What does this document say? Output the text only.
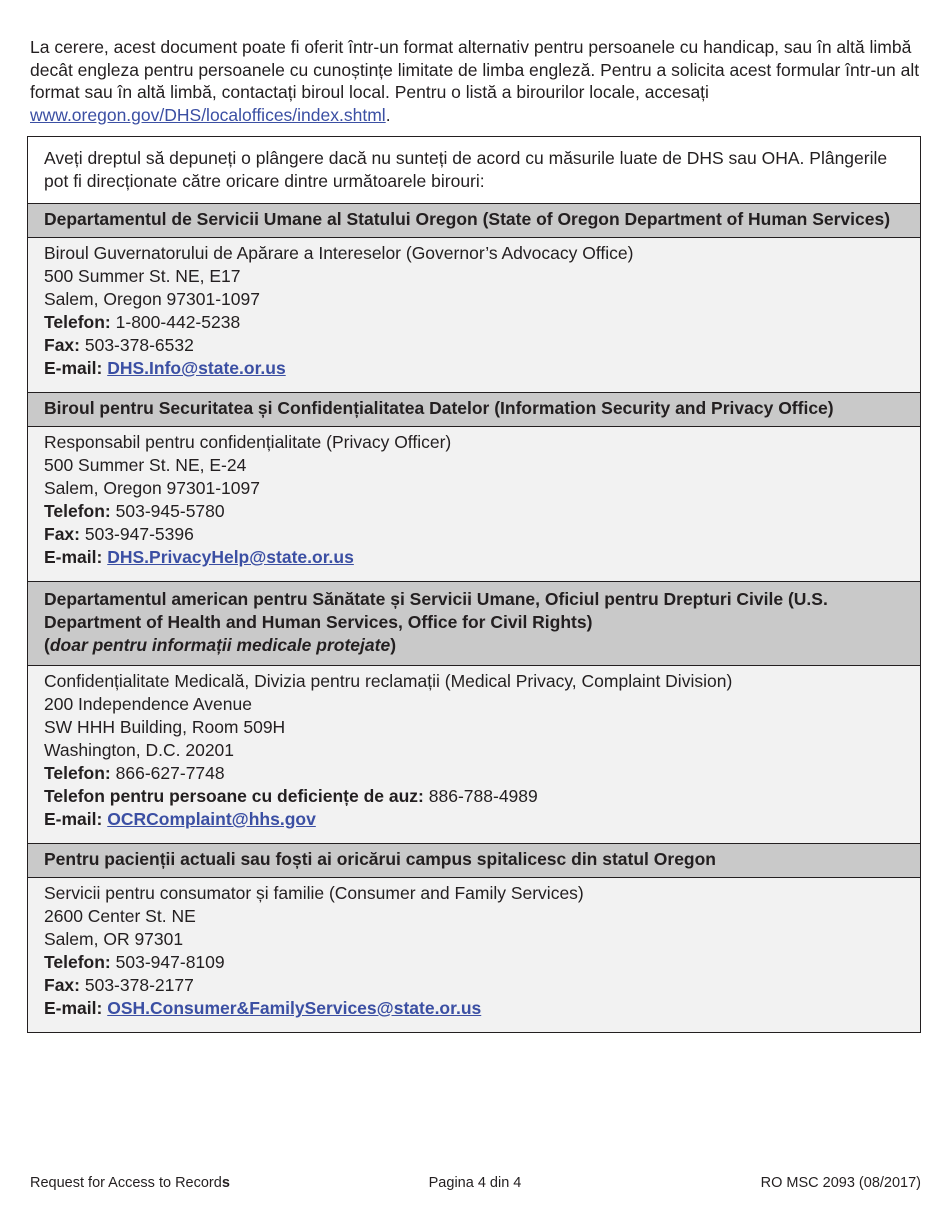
La cerere, acest document poate fi oferit într-un format alternativ pentru persoanele cu handicap, sau în altă limbă decât engleza pentru persoanele cu cunoștințe limitate de limba engleză. Pentru a solicita acest formular într-un alt format sau în altă limbă, contactați biroul local. Pentru o listă a birourilor locale, accesați www.oregon.gov/DHS/localoffices/index.shtml.
Aveți dreptul să depuneți o plângere dacă nu sunteți de acord cu măsurile luate de DHS sau OHA. Plângerile pot fi direcționate către oricare dintre următoarele birouri:
Departamentul de Servicii Umane al Statului Oregon (State of Oregon Department of Human Services)
Biroul Guvernatorului de Apărare a Intereselor (Governor’s Advocacy Office)
500 Summer St. NE, E17
Salem, Oregon 97301-1097
Telefon: 1-800-442-5238
Fax: 503-378-6532
E-mail: DHS.Info@state.or.us
Biroul pentru Securitatea și Confidențialitatea Datelor (Information Security and Privacy Office)
Responsabil pentru confidențialitate (Privacy Officer)
500 Summer St. NE, E-24
Salem, Oregon 97301-1097
Telefon: 503-945-5780
Fax: 503-947-5396
E-mail: DHS.PrivacyHelp@state.or.us
Departamentul american pentru Sănătate și Servicii Umane, Oficiul pentru Drepturi Civile (U.S. Department of Health and Human Services, Office for Civil Rights)
(doar pentru informații medicale protejate)
Confidențialitate Medicală, Divizia pentru reclamații (Medical Privacy, Complaint Division)
200 Independence Avenue
SW HHH Building, Room 509H
Washington, D.C. 20201
Telefon: 866-627-7748
Telefon pentru persoane cu deficiențe de auz: 886-788-4989
E-mail: OCRComplaint@hhs.gov
Pentru pacienții actuali sau foști ai oricărui campus spitalicesc din statul Oregon
Servicii pentru consumator și familie (Consumer and Family Services)
2600 Center St. NE
Salem, OR 97301
Telefon: 503-947-8109
Fax: 503-378-2177
E-mail: OSH.Consumer&FamilyServices@state.or.us
Request for Access to Records	Pagina 4 din 4	RO MSC 2093 (08/2017)
